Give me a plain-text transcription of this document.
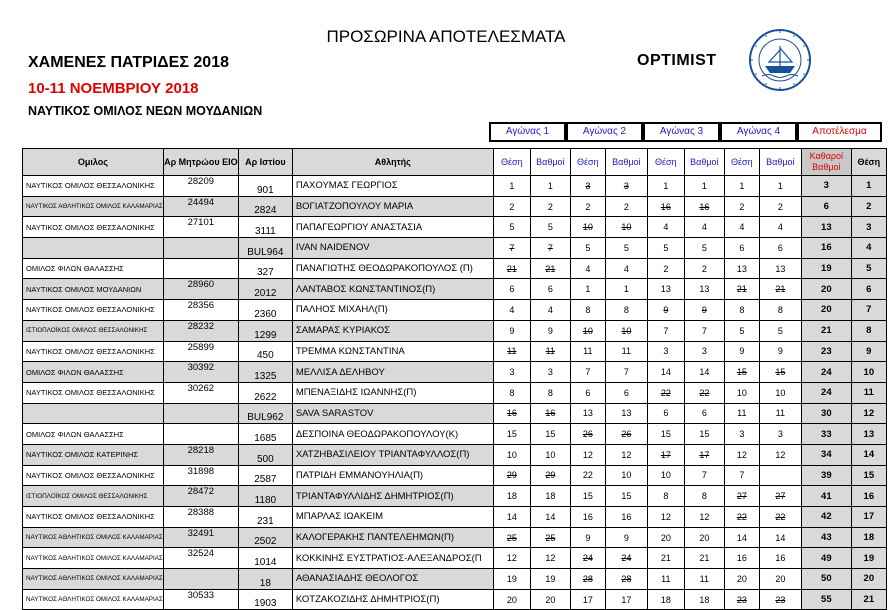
ΠΡΟΣΩΡΙΝΑ ΑΠΟΤΕΛΕΣΜΑΤΑ
ΧΑΜΕΝΕΣ ΠΑΤΡΙΔΕΣ 2018
10-11 ΝΟΕΜΒΡΙΟΥ 2018
ΝΑΥΤΙΚΟΣ ΟΜΙΛΟΣ ΝΕΩΝ ΜΟΥΔΑΝΙΩΝ
OPTIMIST
Αγώνας 1	Αγώνας 2	Αγώνας 3	Αγώνας 4	Αποτέλεσμα
Ομιλος	Αρ Μητρώου ΕΙΟ	Αρ Ιστίου	Αθλητής	Θέση	Βαθμοί	Θέση	Βαθμοί	Θέση	Βαθμοί	Θέση	Βαθμοί	Καθαροί Βαθμοί	Θέση
ΝΑΥΤΙΚΟΣ ΟΜΙΛΟΣ ΘΕΣΣΑΛΟΝΙΚΗΣ	28209	901	ΠΑΧΟΥΜΑΣ ΓΕΩΡΓΙΟΣ	1	1	3	3	1	1	1	1	3	1
ΝΑΥΤΙΚΟΣ ΑΘΛΗΤΙΚΟΣ ΟΜΙΛΟΣ ΚΑΛΑΜΑΡΙΑΣ	24494	2824	ΒΟΓΙΑΤΖΟΠΟΥΛΟΥ ΜΑΡΙΑ	2	2	2	2	16	16	2	2	6	2
ΝΑΥΤΙΚΟΣ ΟΜΙΛΟΣ ΘΕΣΣΑΛΟΝΙΚΗΣ	27101	3111	ΠΑΠΑΓΕΩΡΓΙΟΥ ΑΝΑΣΤΑΣΙΑ	5	5	10	10	4	4	4	4	13	3
		BUL964	IVAN NAIDENOV	7	7	5	5	5	5	6	6	16	4
ΟΜΙΛΟΣ ΦΙΛΩΝ ΘΑΛΑΣΣΗΣ		327	ΠΑΝΑΓΙΩΤΗΣ ΘΕΟΔΩΡΑΚΟΠΟΥΛΟΣ (Π)	21	21	4	4	2	2	13	13	19	5
ΝΑΥΤΙΚΟΣ ΟΜΙΛΟΣ ΜΟΥΔΑΝΙΩΝ	28960	2012	ΛΑΝΤΑΒΟΣ ΚΩΝΣΤΑΝΤΙΝΟΣ(Π)	6	6	1	1	13	13	21	21	20	6
ΝΑΥΤΙΚΟΣ ΟΜΙΛΟΣ ΘΕΣΣΑΛΟΝΙΚΗΣ	28356	2360	ΠΑΛΗΟΣ ΜΙΧΑΗΛ(Π)	4	4	8	8	9	9	8	8	20	7
ΙΣΤΙΟΠΛΟΪΚΟΣ ΟΜΙΛΟΣ ΘΕΣΣΑΛΟΝΙΚΗΣ	28232	1299	ΣΑΜΑΡΑΣ ΚΥΡΙΑΚΟΣ	9	9	10	10	7	7	5	5	21	8
ΝΑΥΤΙΚΟΣ ΟΜΙΛΟΣ ΘΕΣΣΑΛΟΝΙΚΗΣ	25899	450	ΤΡΕΜΜΑ ΚΩΝΣΤΑΝΤΙΝΑ	11	11	11	11	3	3	9	9	23	9
ΟΜΙΛΟΣ ΦΙΛΩΝ ΘΑΛΑΣΣΗΣ	30392	1325	ΜΕΛΛΙΣΑ ΔΕΛΗΒΟΥ	3	3	7	7	14	14	15	15	24	10
ΝΑΥΤΙΚΟΣ ΟΜΙΛΟΣ ΘΕΣΣΑΛΟΝΙΚΗΣ	30262	2622	ΜΠΕΝΑΞΙΔΗΣ ΙΩΑΝΝΗΣ(Π)	8	8	6	6	22	22	10	10	24	11
		BUL962	SAVA SARASTOV	16	16	13	13	6	6	11	11	30	12
ΟΜΙΛΟΣ ΦΙΛΩΝ ΘΑΛΑΣΣΗΣ		1685	ΔΕΣΠΟΙΝΑ ΘΕΟΔΩΡΑΚΟΠΟΥΛΟΥ(Κ)	15	15	26	26	15	15	3	3	33	13
ΝΑΥΤΙΚΟΣ ΟΜΙΛΟΣ ΚΑΤΕΡΙΝΗΣ	28218	500	ΧΑΤΖΗΒΑΣΙΛΕΙΟΥ ΤΡΙΑΝΤΑΦΥΛΛΟΣ(Π)	10	10	12	12	17	17	12	12	34	14
ΝΑΥΤΙΚΟΣ ΟΜΙΛΟΣ ΘΕΣΣΑΛΟΝΙΚΗΣ	31898	2587	ΠΑΤΡΙΔΗ ΕΜΜΑΝΟΥΗΛΙΑ(Π)	29	29	22	10	10	7	7		39	15
ΙΣΤΙΟΠΛΟΪΚΟΣ ΟΜΙΛΟΣ ΘΕΣΣΑΛΟΝΙΚΗΣ	28472	1180	ΤΡΙΑΝΤΑΦΥΛΛΙΔΗΣ ΔΗΜΗΤΡΙΟΣ(Π)	18	18	15	15	8	8	27	27	41	16
ΝΑΥΤΙΚΟΣ ΟΜΙΛΟΣ ΘΕΣΣΑΛΟΝΙΚΗΣ	28388	231	ΜΠΑΡΛΑΣ ΙΩΑΚΕΙΜ	14	14	16	16	12	12	22	22	42	17
ΝΑΥΤΙΚΟΣ ΑΘΛΗΤΙΚΟΣ ΟΜΙΛΟΣ ΚΑΛΑΜΑΡΙΑΣ	32491	2502	ΚΑΛΟΓΕΡΑΚΗΣ ΠΑΝΤΕΛΕΗΜΩΝ(Π)	25	25	9	9	20	20	14	14	43	18
ΝΑΥΤΙΚΟΣ ΑΘΛΗΤΙΚΟΣ ΟΜΙΛΟΣ ΚΑΛΑΜΑΡΙΑΣ	32524	1014	ΚΟΚΚΙΝΗΣ ΕΥΣΤΡΑΤΙΟΣ-ΑΛΕΞΑΝΔΡΟΣ(Π	12	12	24	24	21	21	16	16	49	19
ΝΑΥΤΙΚΟΣ ΑΘΛΗΤΙΚΟΣ ΟΜΙΛΟΣ ΚΑΛΑΜΑΡΙΑΣ		18	ΑΘΑΝΑΣΙΑΔΗΣ ΘΕΟΛΟΓΟΣ	19	19	28	28	11	11	20	20	50	20
ΝΑΥΤΙΚΟΣ ΑΘΛΗΤΙΚΟΣ ΟΜΙΛΟΣ ΚΑΛΑΜΑΡΙΑΣ	30533	1903	ΚΟΤΖΑΚΟΖΙΔΗΣ ΔΗΜΗΤΡΙΟΣ(Π)	20	20	17	17	18	18	23	23	55	21
